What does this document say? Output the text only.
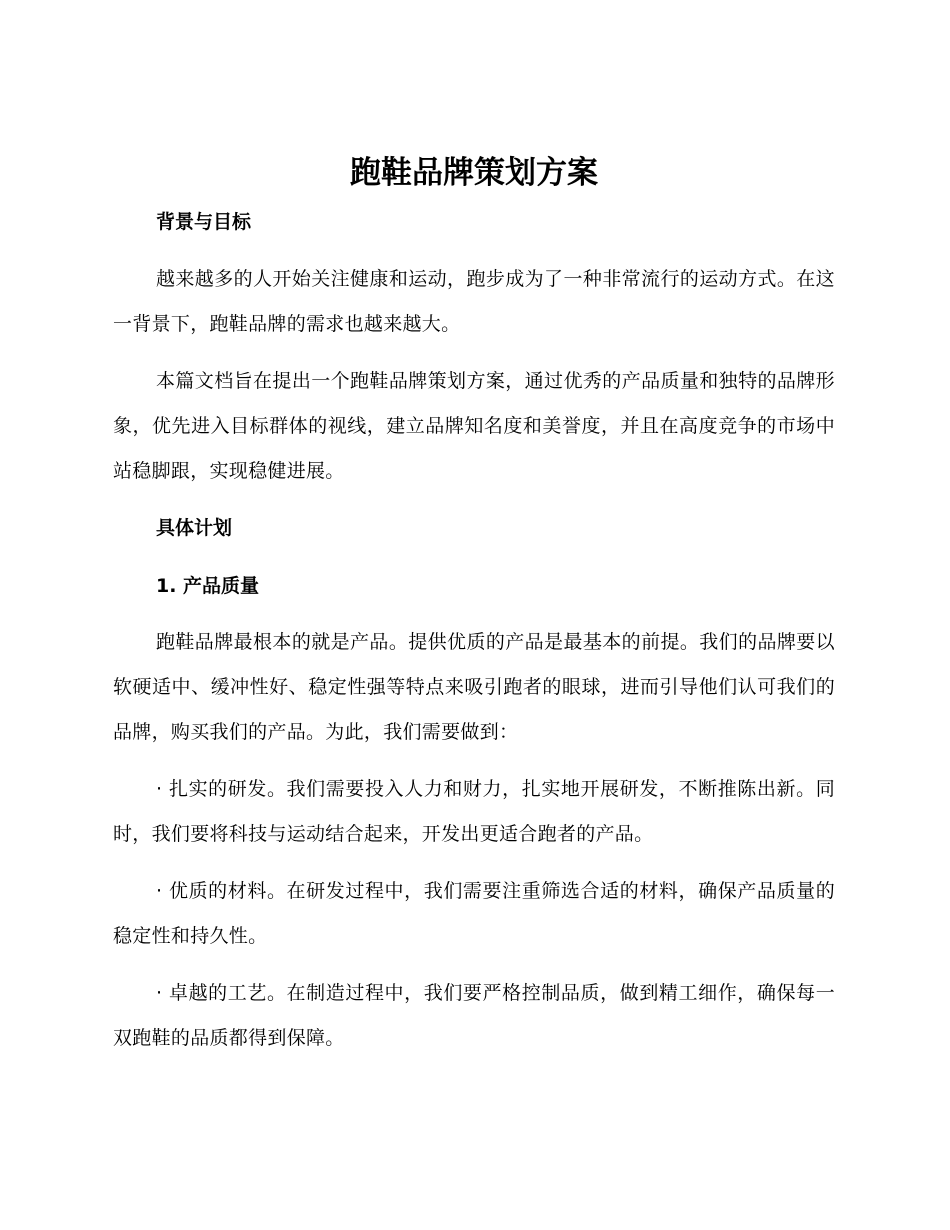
跑鞋品牌策划方案
背景与目标

越来越多的人开始关注健康和运动，跑步成为了一种非常流行的运动方式。在这一背景下，跑鞋品牌的需求也越来越大。

本篇文档旨在提出一个跑鞋品牌策划方案，通过优秀的产品质量和独特的品牌形象，优先进入目标群体的视线，建立品牌知名度和美誉度，并且在高度竞争的市场中站稳脚跟，实现稳健进展。

具体计划
1. 产品质量

跑鞋品牌最根本的就是产品。提供优质的产品是最基本的前提。我们的品牌要以软硬适中、缓冲性好、稳定性强等特点来吸引跑者的眼球，进而引导他们认可我们的品牌，购买我们的产品。为此，我们需要做到：

· 扎实的研发。我们需要投入人力和财力，扎实地开展研发，不断推陈出新。同时，我们要将科技与运动结合起来，开发出更适合跑者的产品。

· 优质的材料。在研发过程中，我们需要注重筛选合适的材料，确保产品质量的稳定性和持久性。

· 卓越的工艺。在制造过程中，我们要严格控制品质，做到精工细作，确保每一双跑鞋的品质都得到保障。
